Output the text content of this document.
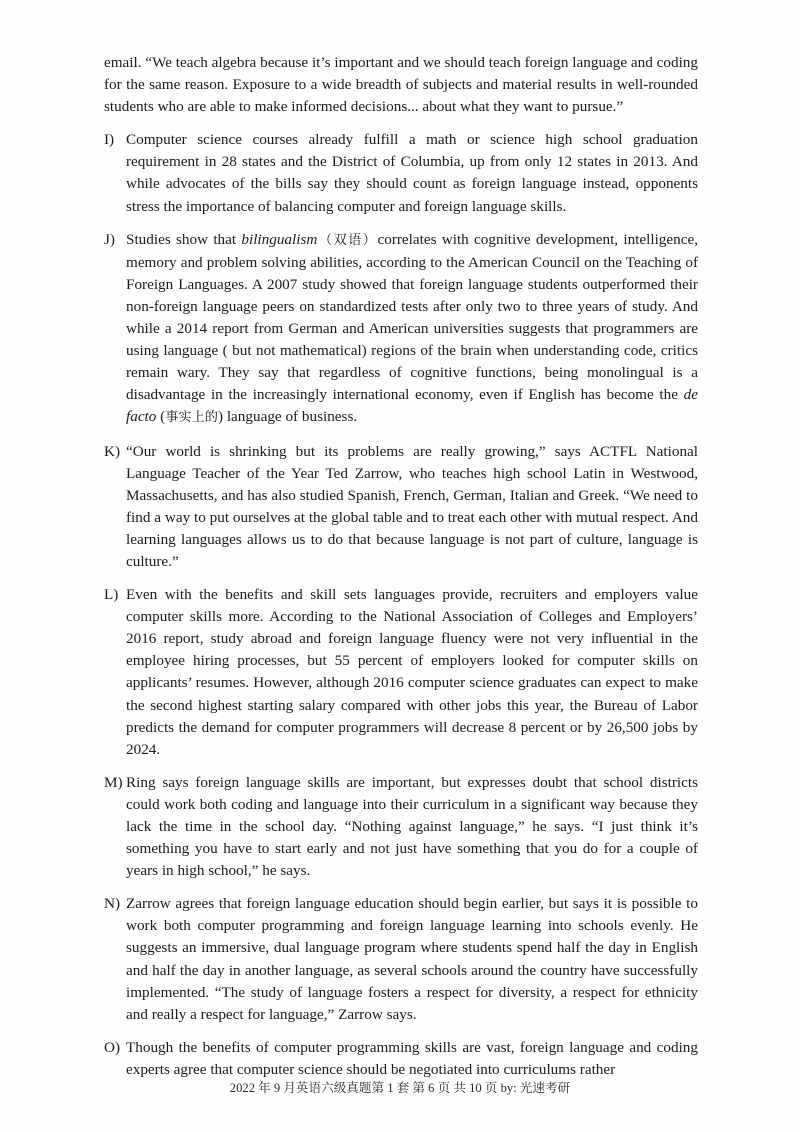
email. “We teach algebra because it’s important and we should teach foreign language and coding for the same reason. Exposure to a wide breadth of subjects and material results in well-rounded students who are able to make informed decisions... about what they want to pursue.”
I) Computer science courses already fulfill a math or science high school graduation requirement in 28 states and the District of Columbia, up from only 12 states in 2013. And while advocates of the bills say they should count as foreign language instead, opponents stress the importance of balancing computer and foreign language skills.
J) Studies show that bilingualism（双语）correlates with cognitive development, intelligence, memory and problem solving abilities, according to the American Council on the Teaching of Foreign Languages. A 2007 study showed that foreign language students outperformed their non-foreign language peers on standardized tests after only two to three years of study. And while a 2014 report from German and American universities suggests that programmers are using language ( but not mathematical) regions of the brain when understanding code, critics remain wary. They say that regardless of cognitive functions, being monolingual is a disadvantage in the increasingly international economy, even if English has become the de facto (事实上的) language of business.
K) “Our world is shrinking but its problems are really growing,” says ACTFL National Language Teacher of the Year Ted Zarrow, who teaches high school Latin in Westwood, Massachusetts, and has also studied Spanish, French, German, Italian and Greek. “We need to find a way to put ourselves at the global table and to treat each other with mutual respect. And learning languages allows us to do that because language is not part of culture, language is culture.”
L) Even with the benefits and skill sets languages provide, recruiters and employers value computer skills more. According to the National Association of Colleges and Employers’ 2016 report, study abroad and foreign language fluency were not very influential in the employee hiring processes, but 55 percent of employers looked for computer skills on applicants’ resumes. However, although 2016 computer science graduates can expect to make the second highest starting salary compared with other jobs this year, the Bureau of Labor predicts the demand for computer programmers will decrease 8 percent or by 26,500 jobs by 2024.
M) Ring says foreign language skills are important, but expresses doubt that school districts could work both coding and language into their curriculum in a significant way because they lack the time in the school day. “Nothing against language,” he says. “I just think it’s something you have to start early and not just have something that you do for a couple of years in high school,” he says.
N) Zarrow agrees that foreign language education should begin earlier, but says it is possible to work both computer programming and foreign language learning into schools evenly. He suggests an immersive, dual language program where students spend half the day in English and half the day in another language, as several schools around the country have successfully implemented. “The study of language fosters a respect for diversity, a respect for ethnicity and really a respect for language,” Zarrow says.
O) Though the benefits of computer programming skills are vast, foreign language and coding experts agree that computer science should be negotiated into curriculums rather
2022 年 9 月英语六级真题第 1 套 第 6 页 共 10 页 by: 光速考研
